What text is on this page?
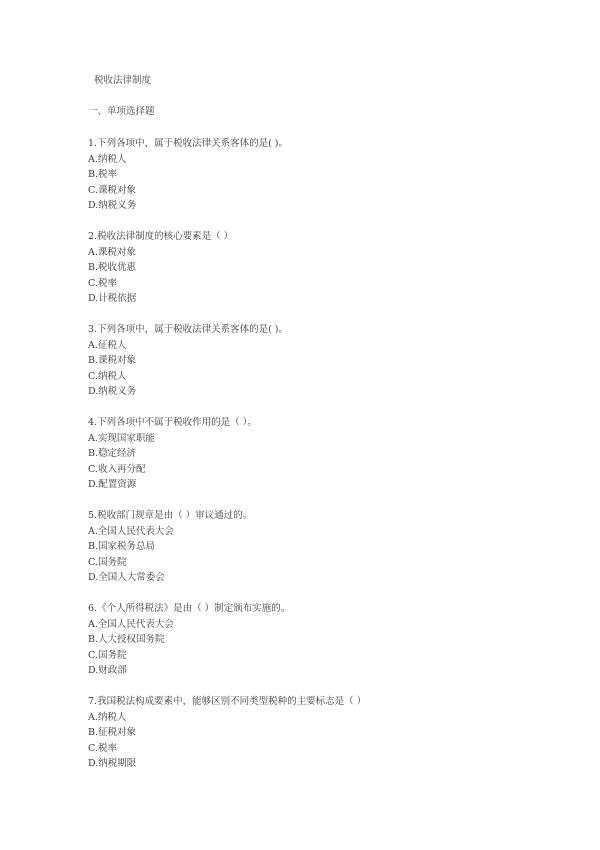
税收法律制度
一、单项选择题
1.下列各项中，属于税收法律关系客体的是( )。
A.纳税人
B.税率
C.课税对象
D.纳税义务
2.税收法律制度的核心要素是（ ）
A.课税对象
B.税收优惠
C.税率
D.计税依据
3.下列各项中，属于税收法律关系客体的是( )。
A.征税人
B.课税对象
C.纳税人
D.纳税义务
4.下列各项中不属于税收作用的是（ ）。
A.实现国家职能
B.稳定经济
C.收入再分配
D.配置资源
5.税收部门规章是由（ ）审议通过的。
A.全国人民代表大会
B.国家税务总局
C.国务院
D.全国人大常委会
6.《个人所得税法》是由（ ）制定颁布实施的。
A.全国人民代表大会
B.人大授权国务院
C.国务院
D.财政部
7.我国税法构成要素中，能够区别不同类型税种的主要标志是（ ）
A.纳税人
B.征税对象
C.税率
D.纳税期限
